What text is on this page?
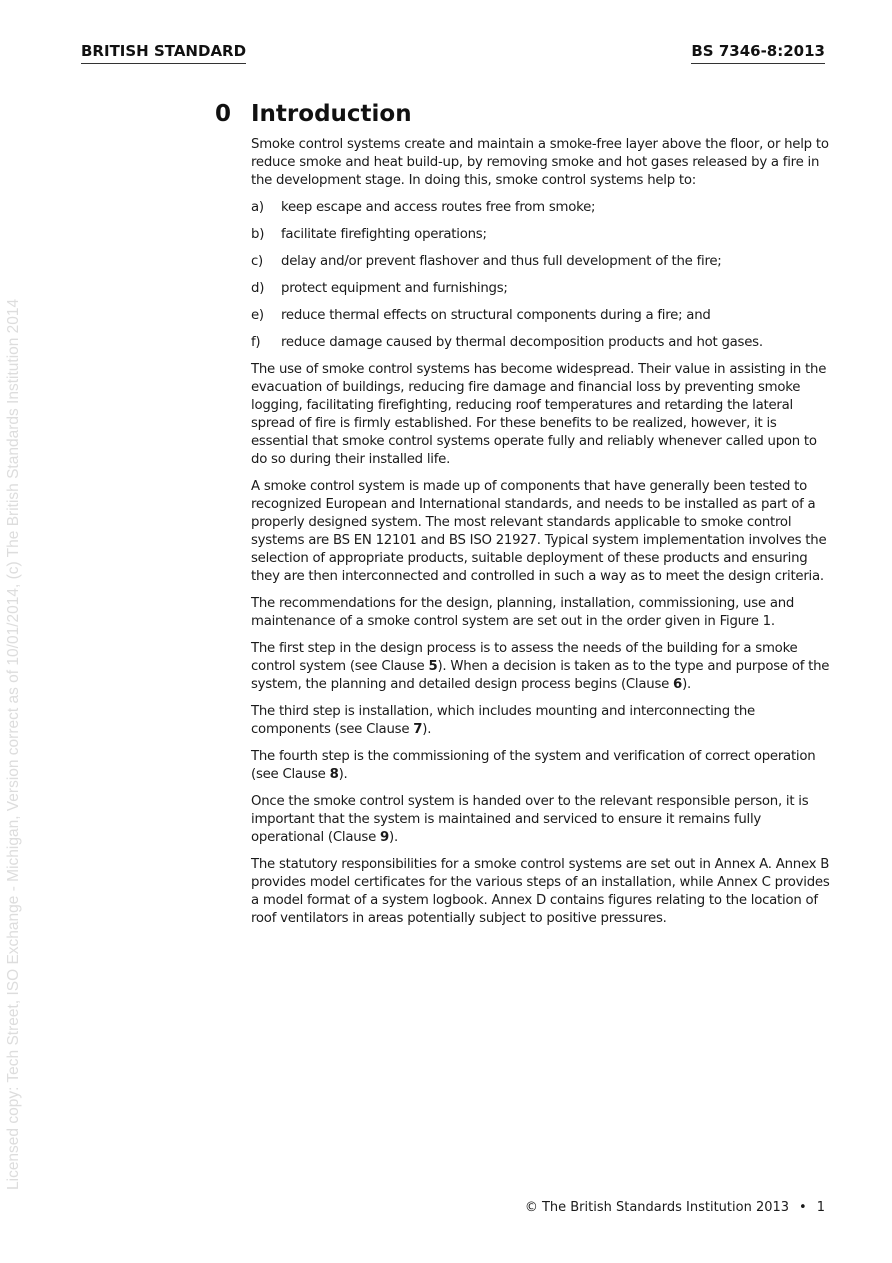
BRITISH STANDARD	BS 7346-8:2013
Licensed copy: Tech Street, ISO Exchange - Michigan, Version correct as of 10/01/2014, (c) The British Standards Institution 2014
0 Introduction

Smoke control systems create and maintain a smoke-free layer above the floor, or help to reduce smoke and heat build-up, by removing smoke and hot gases released by a fire in the development stage. In doing this, smoke control systems help to:

a) keep escape and access routes free from smoke;
b) facilitate firefighting operations;
c) delay and/or prevent flashover and thus full development of the fire;
d) protect equipment and furnishings;
e) reduce thermal effects on structural components during a fire; and
f) reduce damage caused by thermal decomposition products and hot gases.

The use of smoke control systems has become widespread. Their value in assisting in the evacuation of buildings, reducing fire damage and financial loss by preventing smoke logging, facilitating firefighting, reducing roof temperatures and retarding the lateral spread of fire is firmly established. For these benefits to be realized, however, it is essential that smoke control systems operate fully and reliably whenever called upon to do so during their installed life.

A smoke control system is made up of components that have generally been tested to recognized European and International standards, and needs to be installed as part of a properly designed system. The most relevant standards applicable to smoke control systems are BS EN 12101 and BS ISO 21927. Typical system implementation involves the selection of appropriate products, suitable deployment of these products and ensuring they are then interconnected and controlled in such a way as to meet the design criteria.

The recommendations for the design, planning, installation, commissioning, use and maintenance of a smoke control system are set out in the order given in Figure 1.

The first step in the design process is to assess the needs of the building for a smoke control system (see Clause 5). When a decision is taken as to the type and purpose of the system, the planning and detailed design process begins (Clause 6).

The third step is installation, which includes mounting and interconnecting the components (see Clause 7).

The fourth step is the commissioning of the system and verification of correct operation (see Clause 8).

Once the smoke control system is handed over to the relevant responsible person, it is important that the system is maintained and serviced to ensure it remains fully operational (Clause 9).

The statutory responsibilities for a smoke control systems are set out in Annex A. Annex B provides model certificates for the various steps of an installation, while Annex C provides a model format of a system logbook. Annex D contains figures relating to the location of roof ventilators in areas potentially subject to positive pressures.

© The British Standards Institution 2013 • 1
